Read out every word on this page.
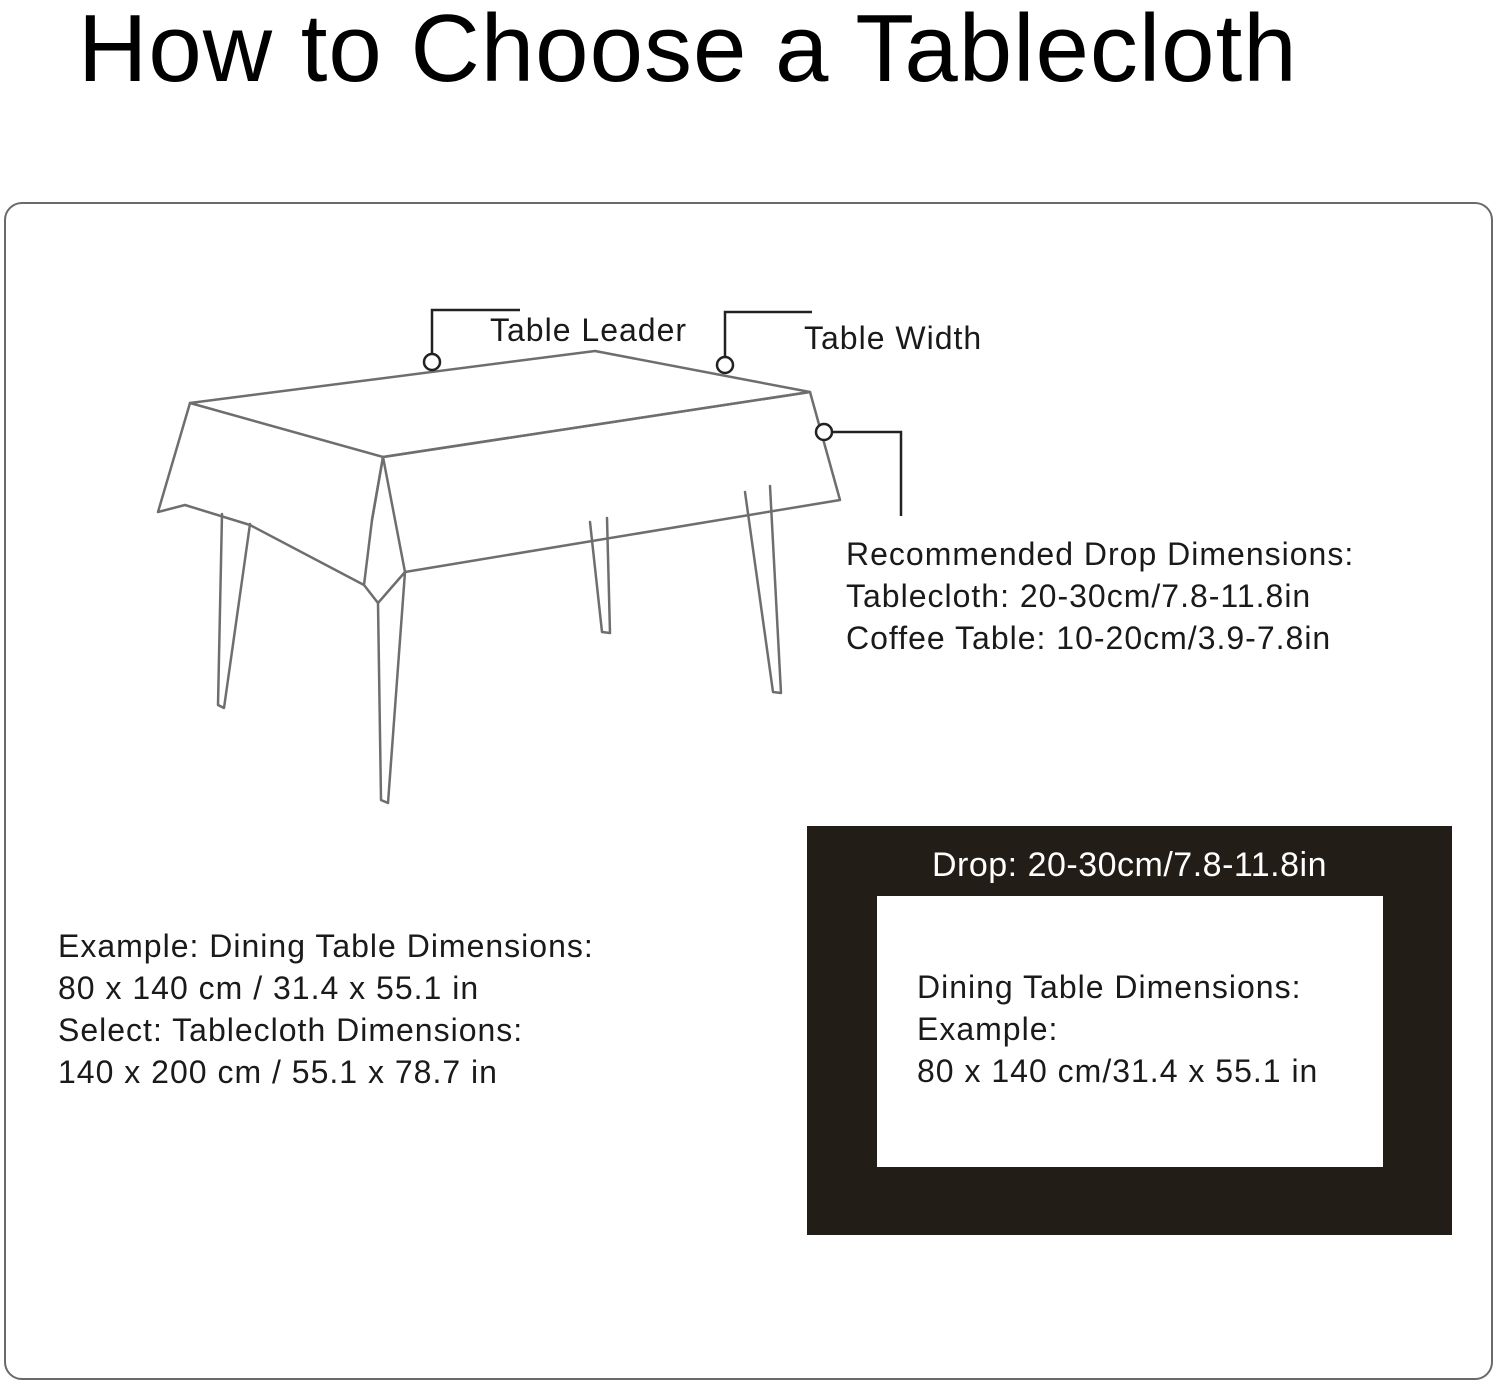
How to Choose a Tablecloth
Table Leader	Table Width
Recommended Drop Dimensions:
Tablecloth: 20-30cm/7.8-11.8in
Coffee Table: 10-20cm/3.9-7.8in
Example: Dining Table Dimensions:
80 x 140 cm / 31.4 x 55.1 in
Select: Tablecloth Dimensions:
140 x 200 cm / 55.1 x 78.7 in
Drop: 20-30cm/7.8-11.8in
Dining Table Dimensions:
Example:
80 x 140 cm/31.4 x 55.1 in
